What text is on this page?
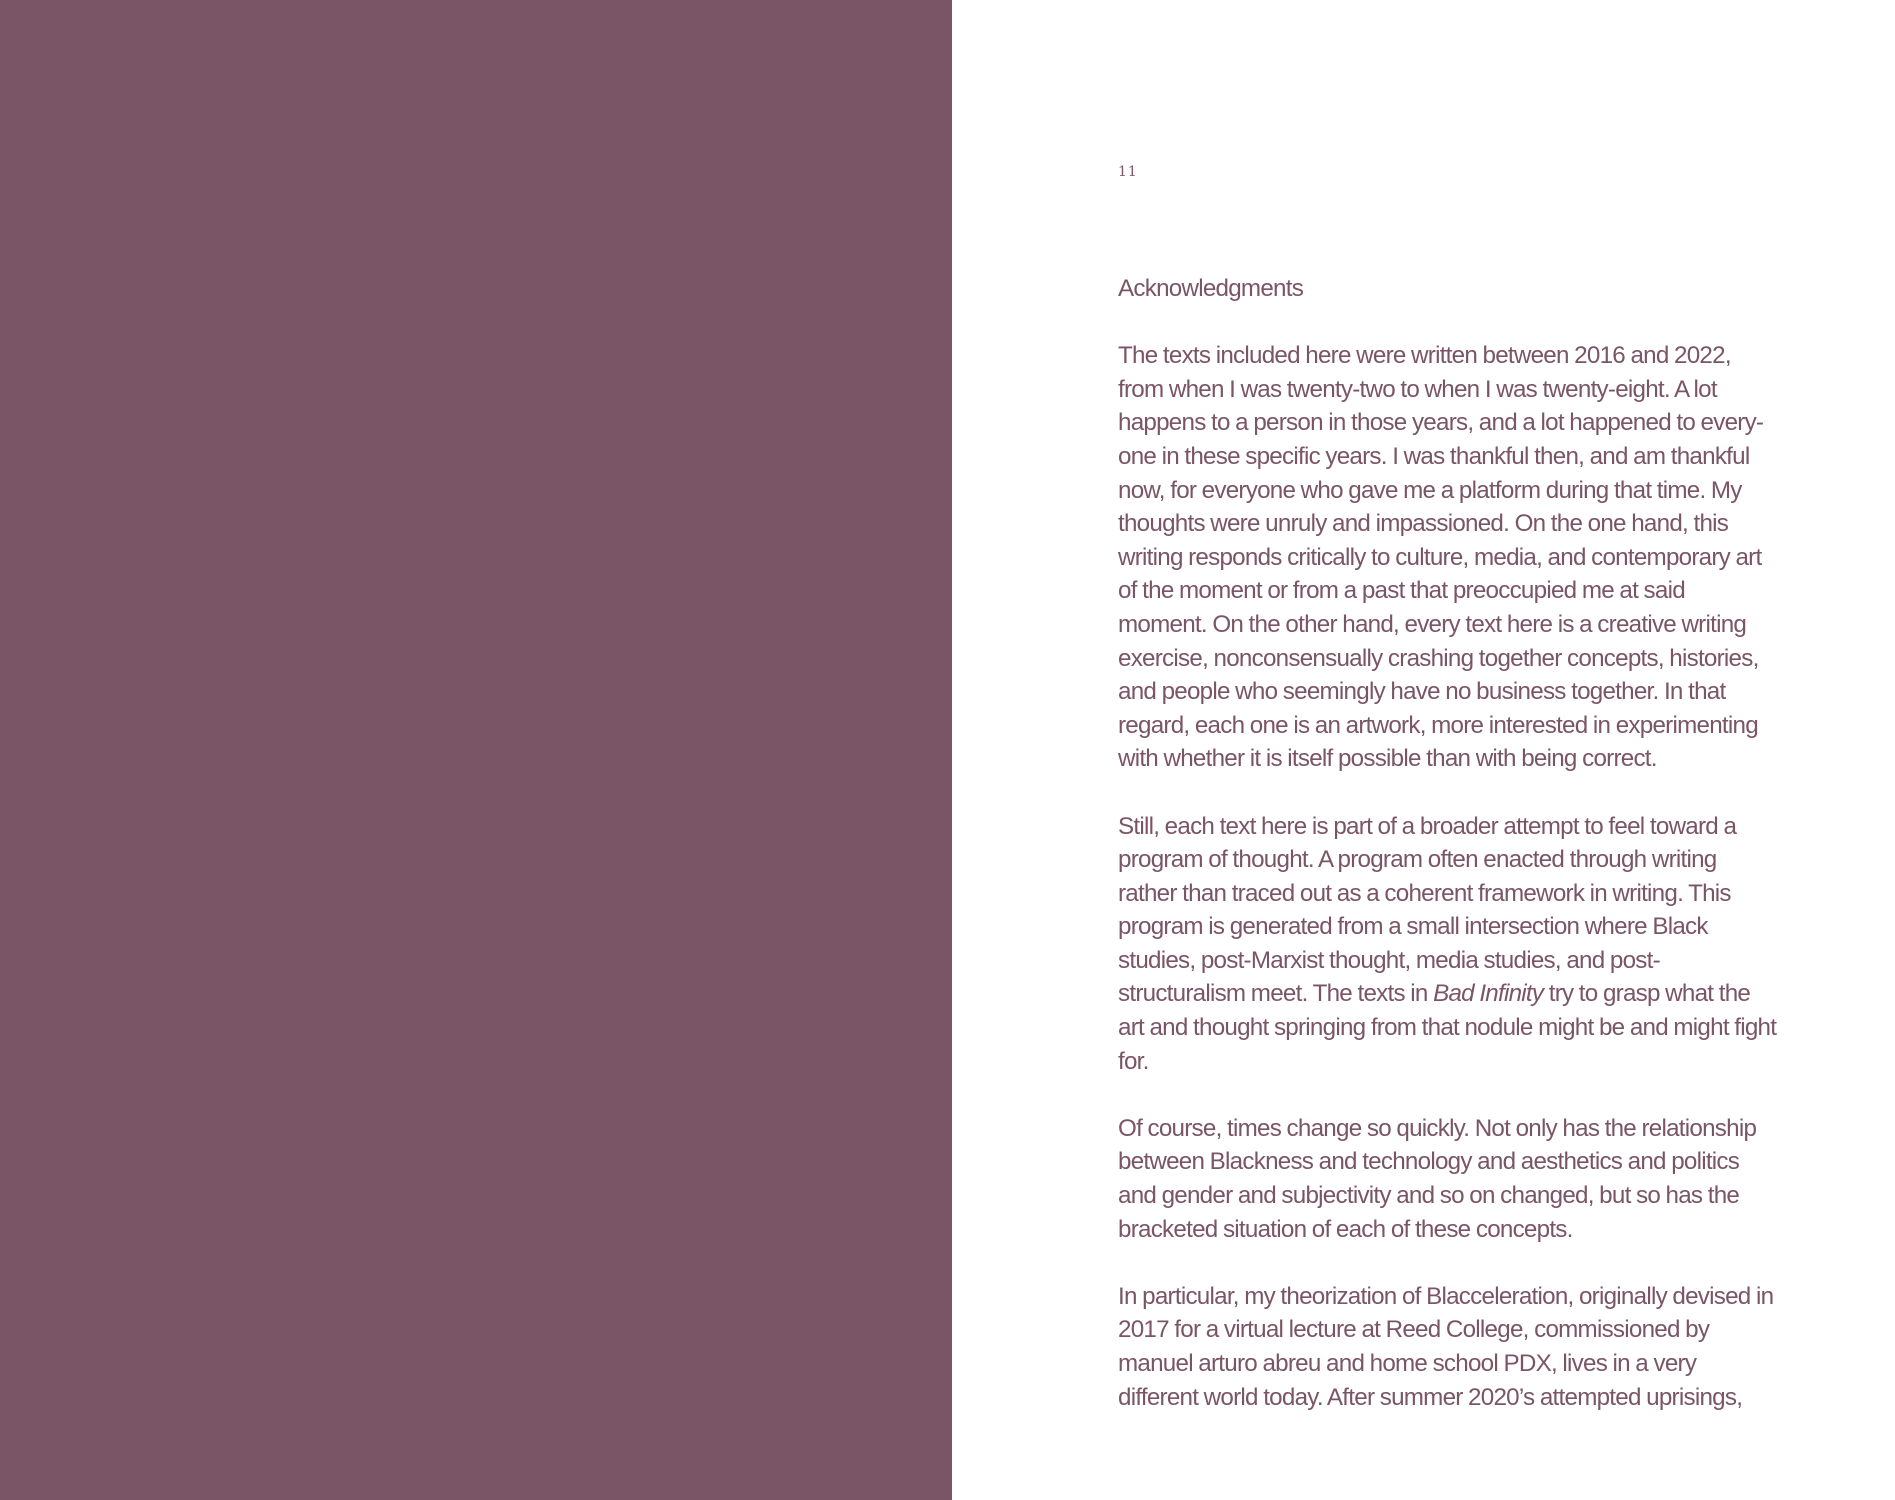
11
Acknowledgments

The texts included here were written between 2016 and 2022, from when I was twenty-two to when I was twenty-eight. A lot happens to a person in those years, and a lot happened to every-one in these specific years. I was thankful then, and am thankful now, for everyone who gave me a platform during that time. My thoughts were unruly and impassioned. On the one hand, this writing responds critically to culture, media, and contemporary art of the moment or from a past that preoccupied me at said moment. On the other hand, every text here is a creative writing exercise, nonconsensually crashing together concepts, histories, and people who seemingly have no business together. In that regard, each one is an artwork, more interested in experimenting with whether it is itself possible than with being correct.

Still, each text here is part of a broader attempt to feel toward a program of thought. A program often enacted through writing rather than traced out as a coherent framework in writing. This program is generated from a small intersection where Black studies, post-Marxist thought, media studies, and post-structuralism meet. The texts in Bad Infinity try to grasp what the art and thought springing from that nodule might be and might fight for.

Of course, times change so quickly. Not only has the relationship between Blackness and technology and aesthetics and politics and gender and subjectivity and so on changed, but so has the bracketed situation of each of these concepts.

In particular, my theorization of Blacceleration, originally devised in 2017 for a virtual lecture at Reed College, commissioned by manuel arturo abreu and home school PDX, lives in a very different world today. After summer 2020’s attempted uprisings,
